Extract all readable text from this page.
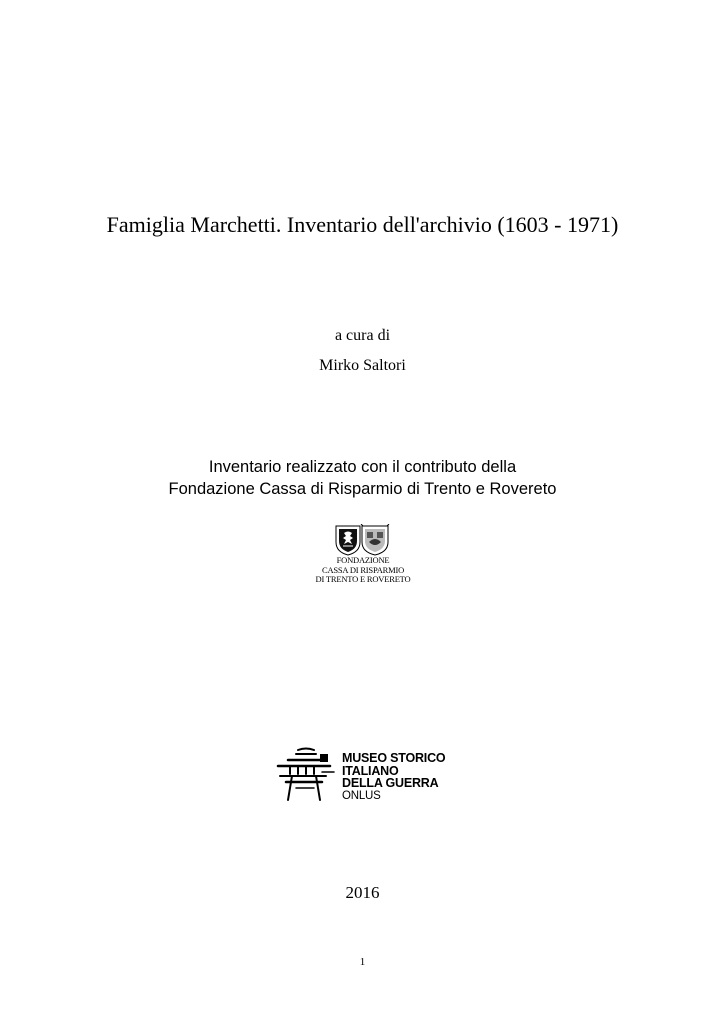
Famiglia Marchetti. Inventario dell'archivio (1603 - 1971)
a cura di
Mirko Saltori
Inventario realizzato con il contributo della
Fondazione Cassa di Risparmio di Trento e Rovereto
FONDAZIONE
CASSA DI RISPARMIO
DI TRENTO E ROVERETO
MUSEO STORICO
ITALIANO
DELLA GUERRA
ONLUS
2016
1
